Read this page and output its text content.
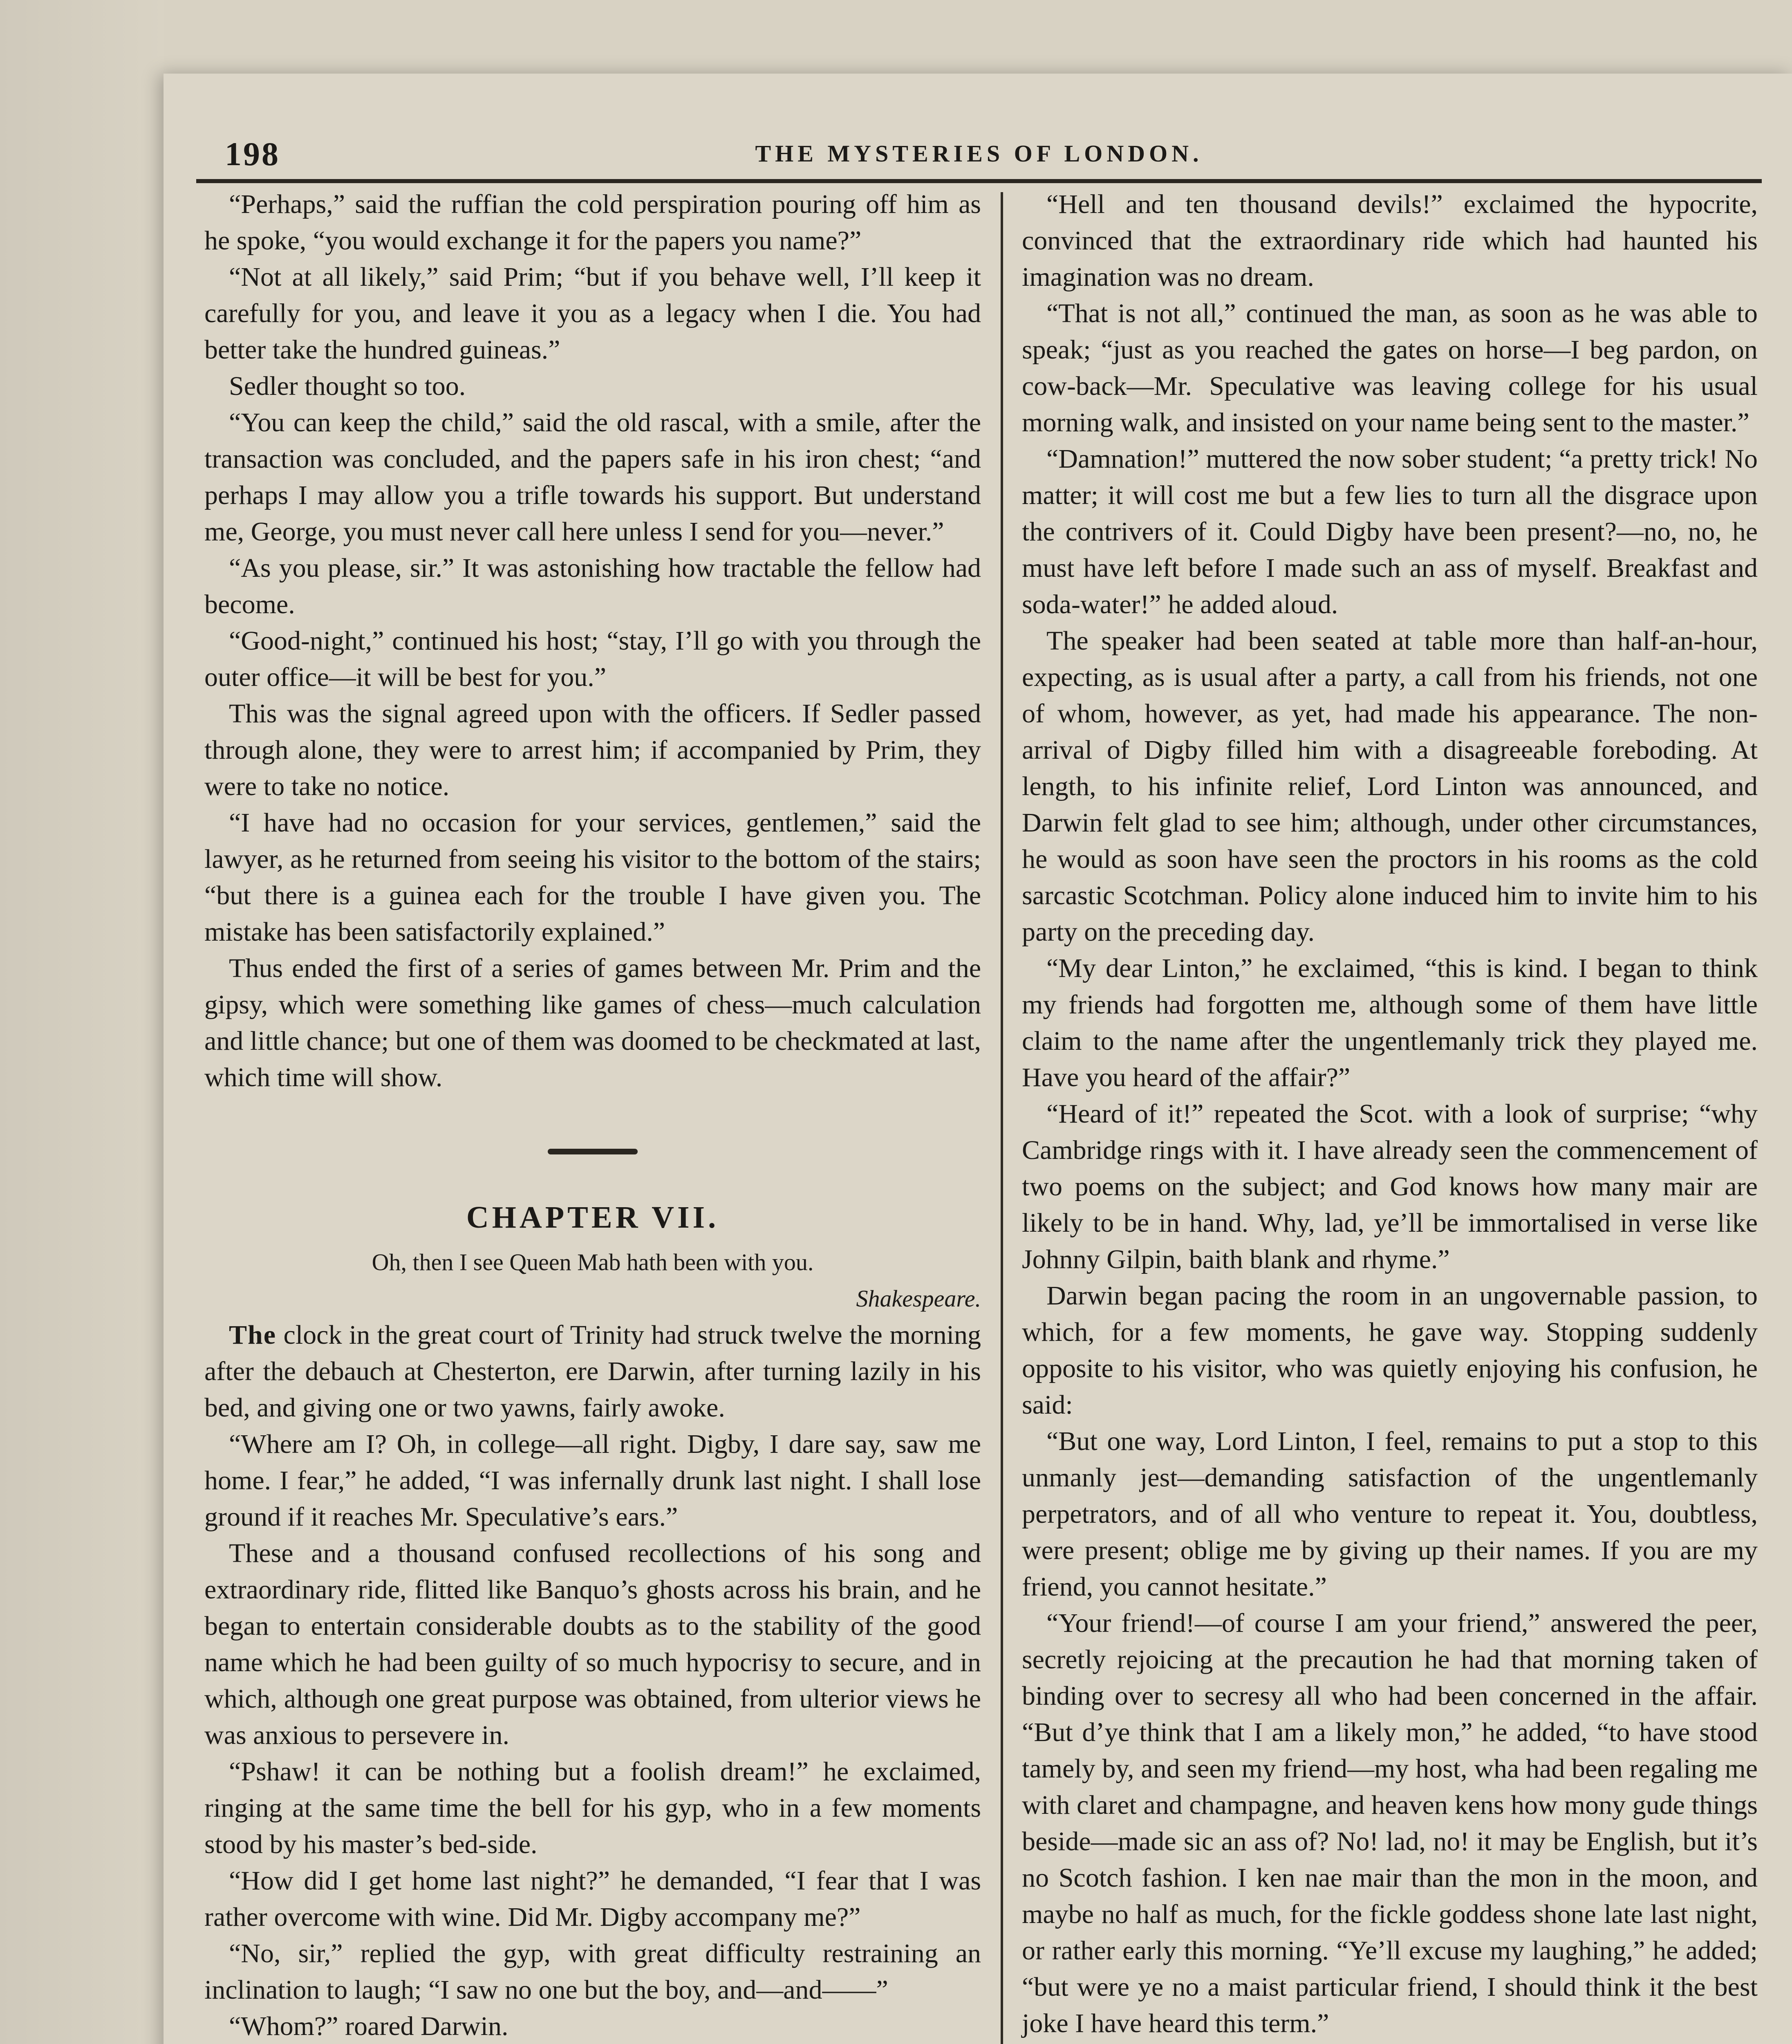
198	THE MYSTERIES OF LONDON.

“Perhaps,” said the ruffian the cold perspiration pouring off him as he spoke, “you would exchange it for the papers you name?”

“Not at all likely,” said Prim; “but if you behave well, I’ll keep it carefully for you, and leave it you as a legacy when I die. You had better take the hundred guineas.”

Sedler thought so too.

“You can keep the child,” said the old rascal, with a smile, after the transaction was concluded, and the papers safe in his iron chest; “and perhaps I may allow you a trifle towards his support. But understand me, George, you must never call here unless I send for you—never.”

“As you please, sir.” It was astonishing how tractable the fellow had become.

“Good-night,” continued his host; “stay, I’ll go with you through the outer office—it will be best for you.”

This was the signal agreed upon with the officers. If Sedler passed through alone, they were to arrest him; if accompanied by Prim, they were to take no notice.

“I have had no occasion for your services, gentlemen,” said the lawyer, as he returned from seeing his visitor to the bottom of the stairs; “but there is a guinea each for the trouble I have given you. The mistake has been satisfactorily explained.”

Thus ended the first of a series of games between Mr. Prim and the gipsy, which were something like games of chess—much calculation and little chance; but one of them was doomed to be checkmated at last, which time will show.

CHAPTER VII.

Oh, then I see Queen Mab hath been with you.

Shakespeare.

The clock in the great court of Trinity had struck twelve the morning after the debauch at Chesterton, ere Darwin, after turning lazily in his bed, and giving one or two yawns, fairly awoke.

“Where am I? Oh, in college—all right. Digby, I dare say, saw me home. I fear,” he added, “I was infernally drunk last night. I shall lose ground if it reaches Mr. Speculative’s ears.”

These and a thousand confused recollections of his song and extraordinary ride, flitted like Banquo’s ghosts across his brain, and he began to entertain considerable doubts as to the stability of the good name which he had been guilty of so much hypocrisy to secure, and in which, although one great purpose was obtained, from ulterior views he was anxious to persevere in.

“Pshaw! it can be nothing but a foolish dream!” he exclaimed, ringing at the same time the bell for his gyp, who in a few moments stood by his master’s bed-side.

“How did I get home last night?” he demanded, “I fear that I was rather overcome with wine. Did Mr. Digby accompany me?”

“No, sir,” replied the gyp, with great difficulty restraining an inclination to laugh; “I saw no one but the boy, and—and——”

“Whom?” roared Darwin.

“Hell and ten thousand devils!” exclaimed the hypocrite, convinced that the extraordinary ride which had haunted his imagination was no dream.

“That is not all,” continued the man, as soon as he was able to speak; “just as you reached the gates on horse—I beg pardon, on cow-back—Mr. Speculative was leaving college for his usual morning walk, and insisted on your name being sent to the master.”

“Damnation!” muttered the now sober student; “a pretty trick! No matter; it will cost me but a few lies to turn all the disgrace upon the contrivers of it. Could Digby have been present?—no, no, he must have left before I made such an ass of myself. Breakfast and soda-water!” he added aloud.

The speaker had been seated at table more than half-an-hour, expecting, as is usual after a party, a call from his friends, not one of whom, however, as yet, had made his appearance. The non-arrival of Digby filled him with a disagreeable foreboding. At length, to his infinite relief, Lord Linton was announced, and Darwin felt glad to see him; although, under other circumstances, he would as soon have seen the proctors in his rooms as the cold sarcastic Scotchman. Policy alone induced him to invite him to his party on the preceding day.

“My dear Linton,” he exclaimed, “this is kind. I began to think my friends had forgotten me, although some of them have little claim to the name after the ungentlemanly trick they played me. Have you heard of the affair?”

“Heard of it!” repeated the Scot. with a look of surprise; “why Cambridge rings with it. I have already seen the commencement of two poems on the subject; and God knows how many mair are likely to be in hand. Why, lad, ye’ll be immortalised in verse like Johnny Gilpin, baith blank and rhyme.”

Darwin began pacing the room in an ungovernable passion, to which, for a few moments, he gave way. Stopping suddenly opposite to his visitor, who was quietly enjoying his confusion, he said:

“But one way, Lord Linton, I feel, remains to put a stop to this unmanly jest—demanding satisfaction of the ungentlemanly perpetrators, and of all who venture to repeat it. You, doubtless, were present; oblige me by giving up their names. If you are my friend, you cannot hesitate.”

“Your friend!—of course I am your friend,” answered the peer, secretly rejoicing at the precaution he had that morning taken of binding over to secresy all who had been concerned in the affair. “But d’ye think that I am a likely mon,” he added, “to have stood tamely by, and seen my friend—my host, wha had been regaling me with claret and champagne, and heaven kens how mony gude things beside—made sic an ass of? No! lad, no! it may be English, but it’s no Scotch fashion. I ken nae mair than the mon in the moon, and maybe no half as much, for the fickle goddess shone late last night, or rather early this morning. “Ye’ll excuse my laughing,” he added; “but were ye no a maist particular friend, I should think it the best joke I have heard this term.”
